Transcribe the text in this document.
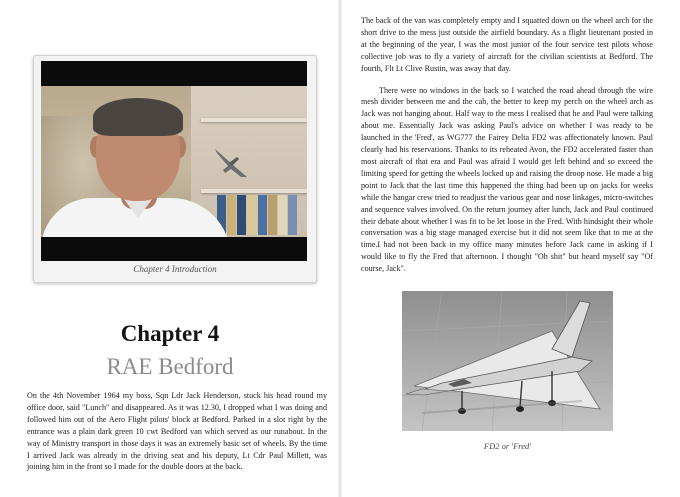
Chapter 4 Introduction
Chapter 4
RAE Bedford

On the 4th November 1964 my boss, Sqn Ldr Jack Henderson, stuck his head round my office door, said "Lunch" and disappeared. As it was 12.30, I dropped what I was doing and followed him out of the Aero Flight pilots' block at Bedford. Parked in a slot right by the entrance was a plain dark green 10 cwt Bedford van which served as our runabout. In the way of Ministry transport in those days it was an extremely basic set of wheels. By the time I arrived Jack was already in the driving seat and his deputy, Lt Cdr Paul Millett, was joining him in the front so I made for the double doors at the back.

The back of the van was completely empty and I squatted down on the wheel arch for the short drive to the mess just outside the airfield boundary. As a flight lieutenant posted in at the beginning of the year, I was the most junior of the four service test pilots whose collective job was to fly a variety of aircraft for the civilian scientists at Bedford. The fourth, Flt Lt Clive Rustin, was away that day.

There were no windows in the back so I watched the road ahead through the wire mesh divider between me and the cab, the better to keep my perch on the wheel arch as Jack was not hanging about. Half way to the mess I realised that he and Paul were talking about me. Essentially Jack was asking Paul's advice on whether I was ready to be launched in the 'Fred', as WG777 the Fairey Delta FD2 was affectionately known. Paul clearly had his reservations. Thanks to its reheated Avon, the FD2 accelerated faster than most aircraft of that era and Paul was afraid I would get left behind and so exceed the limiting speed for getting the wheels locked up and raising the droop nose. He made a big point to Jack that the last time this happened the thing had been up on jacks for weeks while the hangar crew tried to readjust the various gear and nose linkages, micro-switches and sequence valves involved. On the return journey after lunch, Jack and Paul continued their debate about whether I was fit to be let loose in the Fred. With hindsight their whole conversation was a big stage managed exercise but it did not seem like that to me at the time.I had not been back in my office many minutes before Jack came in asking if I would like to fly the Fred that afternoon. I thought "Oh shit" but heard myself say "Of course, Jack".

FD2 or 'Fred'
